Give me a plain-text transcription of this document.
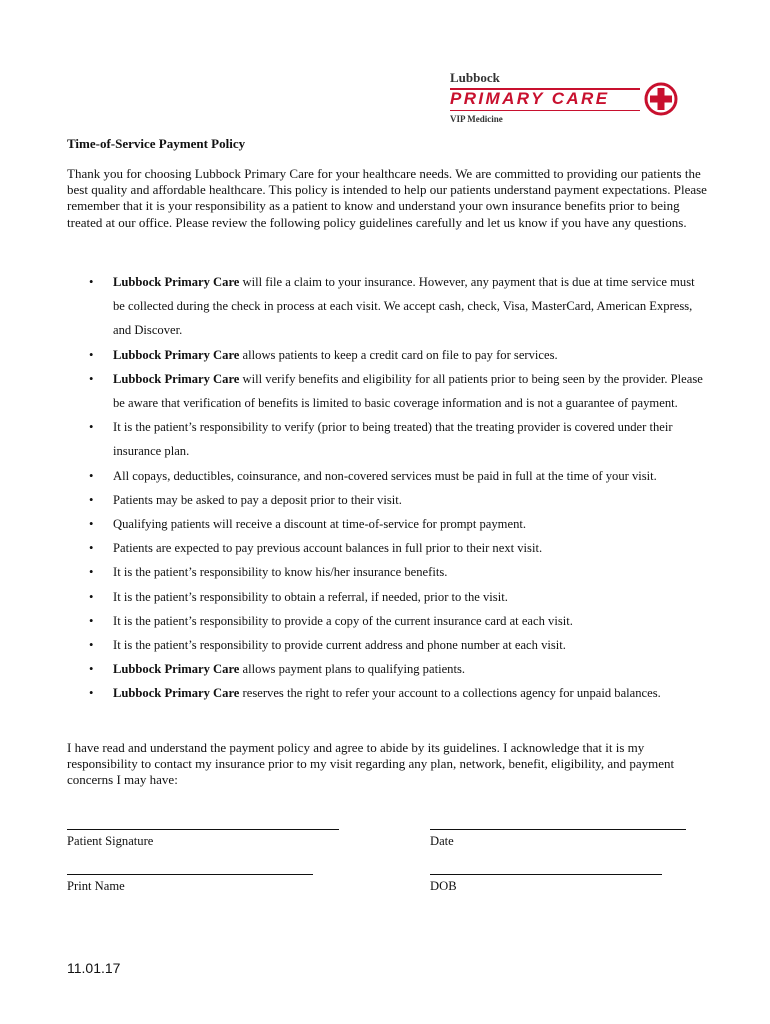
Lubbock
PRIMARY CARE
VIP Medicine
Time-of-Service Payment Policy

Thank you for choosing Lubbock Primary Care for your healthcare needs. We are committed to providing our patients the best quality and affordable healthcare. This policy is intended to help our patients understand payment expectations. Please remember that it is your responsibility as a patient to know and understand your own insurance benefits prior to being treated at our office. Please review the following policy guidelines carefully and let us know if you have any questions.

• Lubbock Primary Care will file a claim to your insurance. However, any payment that is due at time service must be collected during the check in process at each visit. We accept cash, check, Visa, MasterCard, American Express, and Discover.
• Lubbock Primary Care allows patients to keep a credit card on file to pay for services.
• Lubbock Primary Care will verify benefits and eligibility for all patients prior to being seen by the provider. Please be aware that verification of benefits is limited to basic coverage information and is not a guarantee of payment.
• It is the patient’s responsibility to verify (prior to being treated) that the treating provider is covered under their insurance plan.
• All copays, deductibles, coinsurance, and non-covered services must be paid in full at the time of your visit.
• Patients may be asked to pay a deposit prior to their visit.
• Qualifying patients will receive a discount at time-of-service for prompt payment.
• Patients are expected to pay previous account balances in full prior to their next visit.
• It is the patient’s responsibility to know his/her insurance benefits.
• It is the patient’s responsibility to obtain a referral, if needed, prior to the visit.
• It is the patient’s responsibility to provide a copy of the current insurance card at each visit.
• It is the patient’s responsibility to provide current address and phone number at each visit.
• Lubbock Primary Care allows payment plans to qualifying patients.
• Lubbock Primary Care reserves the right to refer your account to a collections agency for unpaid balances.

I have read and understand the payment policy and agree to abide by its guidelines. I acknowledge that it is my responsibility to contact my insurance prior to my visit regarding any plan, network, benefit, eligibility, and payment concerns I may have:

Patient Signature	Date
Print Name	DOB
11.01.17
